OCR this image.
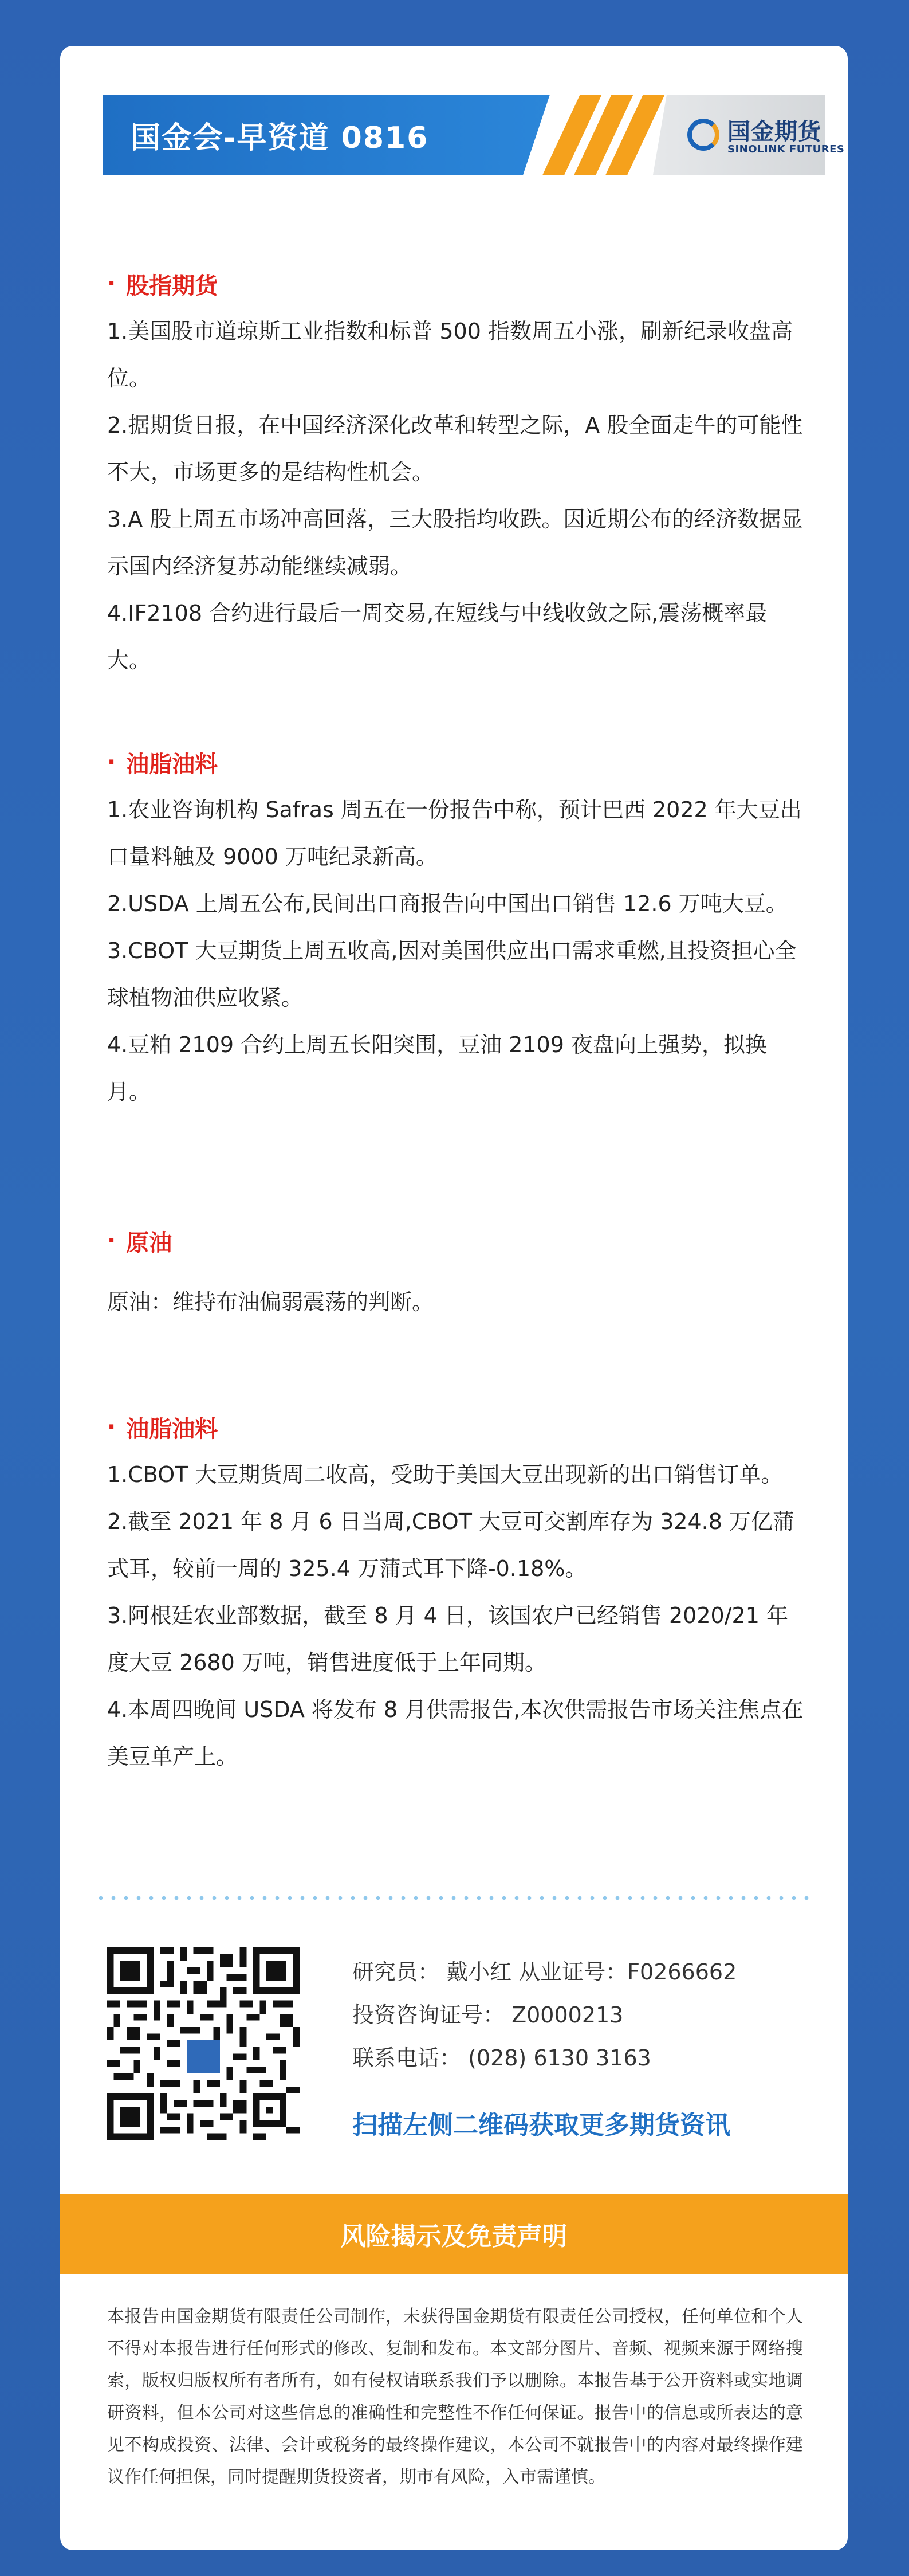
国金会-早资道 0816	国金期货
SINOLINK FUTURES
· 股指期货
1.美国股市道琼斯工业指数和标普 500 指数周五小涨，刷新纪录收盘高位。
2.据期货日报，在中国经济深化改革和转型之际，A 股全面走牛的可能性不大，市场更多的是结构性机会。
3.A 股上周五市场冲高回落，三大股指均收跌。因近期公布的经济数据显示国内经济复苏动能继续减弱。
4.IF2108 合约进行最后一周交易,在短线与中线收敛之际,震荡概率最大。
· 油脂油料
1.农业咨询机构 Safras 周五在一份报告中称，预计巴西 2022 年大豆出口量料触及 9000 万吨纪录新高。
2.USDA 上周五公布,民间出口商报告向中国出口销售 12.6 万吨大豆。
3.CBOT 大豆期货上周五收高,因对美国供应出口需求重燃,且投资担心全球植物油供应收紧。
4.豆粕 2109 合约上周五长阳突围，豆油 2109 夜盘向上强势，拟换月。
· 原油
原油：维持布油偏弱震荡的判断。
· 油脂油料
1.CBOT 大豆期货周二收高，受助于美国大豆出现新的出口销售订单。
2.截至 2021 年 8 月 6 日当周,CBOT 大豆可交割库存为 324.8 万亿蒲式耳，较前一周的 325.4 万蒲式耳下降-0.18%。
3.阿根廷农业部数据，截至 8 月 4 日，该国农户已经销售 2020/21 年度大豆 2680 万吨，销售进度低于上年同期。
4.本周四晚间 USDA 将发布 8 月供需报告,本次供需报告市场关注焦点在美豆单产上。
研究员： 戴小红 从业证号：F0266662
投资咨询证号： Z0000213
联系电话： (028) 6130 3163
扫描左侧二维码获取更多期货资讯
风险揭示及免责声明
本报告由国金期货有限责任公司制作，未获得国金期货有限责任公司授权，任何单位和个人不得对本报告进行任何形式的修改、复制和发布。本文部分图片、音频、视频来源于网络搜索，版权归版权所有者所有，如有侵权请联系我们予以删除。本报告基于公开资料或实地调研资料，但本公司对这些信息的准确性和完整性不作任何保证。报告中的信息或所表达的意见不构成投资、法律、会计或税务的最终操作建议，本公司不就报告中的内容对最终操作建议作任何担保，同时提醒期货投资者，期市有风险，入市需谨慎。
